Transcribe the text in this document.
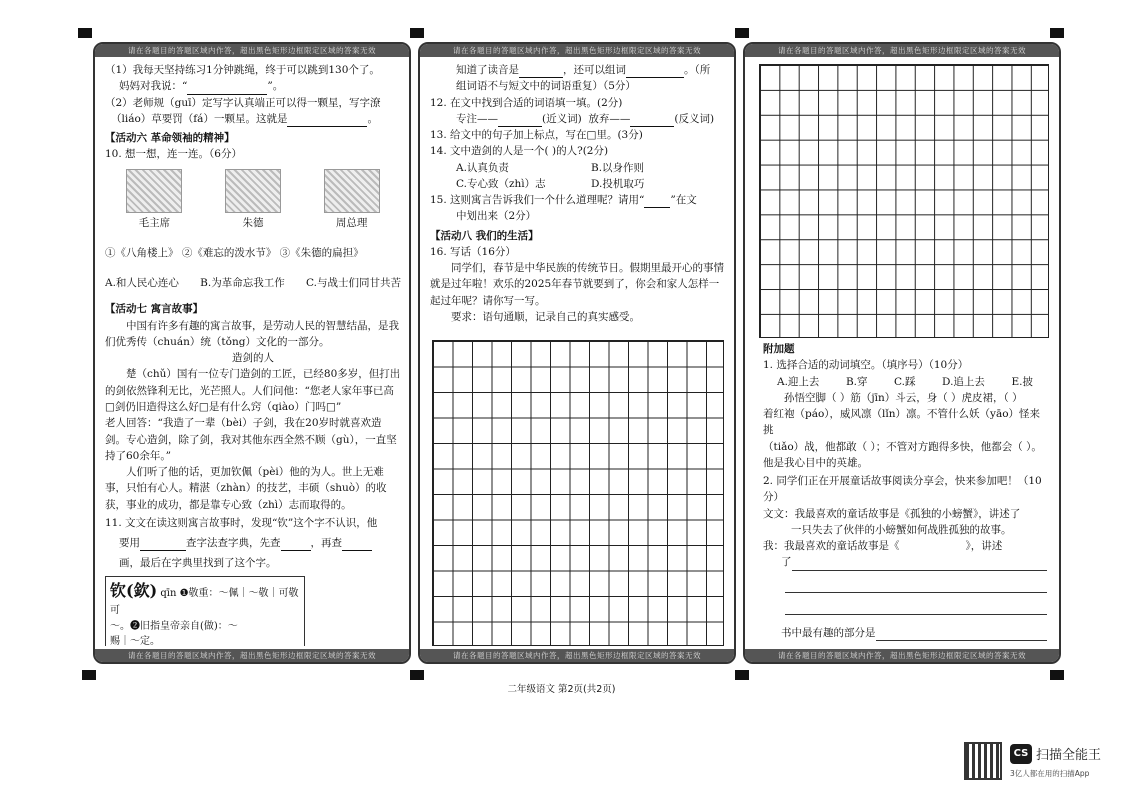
请在各题目的答题区域内作答，超出黑色矩形边框限定区域的答案无效

（1）我每天坚持练习1分钟跳绳，终于可以跳到130个了。

妈妈对我说：“	”。

（2）老师规（guī）定写字认真端正可以得一颗星，写字潦

（liáo）草要罚（fá）一颗星。这就是	。

【活动六 革命领袖的精神】

10. 想一想，连一连。（6分）

毛主席	朱德	周总理

①《八角楼上》 ②《难忘的泼水节》 ③《朱德的扁担》

A.和人民心连心 B.为革命忘我工作 C.与战士们同甘共苦

【活动七 寓言故事】

中国有许多有趣的寓言故事，是劳动人民的智慧结晶，是我们优秀传（chuán）统（tǒng）文化的一部分。

造剑的人

楚（chǔ）国有一位专门造剑的工匠，已经80多岁，但打出的剑依然锋利无比，光芒照人。人们问他：“您老人家年事已高□剑仍旧造得这么好□是有什么窍（qiào）门吗□”

老人回答：“我造了一辈（bèi）子剑，我在20岁时就喜欢造剑。专心造剑，除了剑，我对其他东西全然不顾（gù），一直坚持了60余年。”

人们听了他的话，更加钦佩（pèi）他的为人。世上无难事，只怕有心人。精湛（zhàn）的技艺，丰硕（shuò）的收获，事业的成功，都是靠专心致（zhì）志而取得的。

11. 文文在读这则寓言故事时，发现“钦”这个字不认识，他

要用	查字法查字典，先查	，再查

画，最后在字典里找到了这个字。

钦(欽) qīn ❶敬重：～佩｜～敬｜可敬可
～。❷旧指皇帝亲自(做)：～
赐｜～定。
请在各题目的答题区域内作答，超出黑色矩形边框限定区域的答案无效
请在各题目的答题区域内作答，超出黑色矩形边框限定区域的答案无效

知道了读音是	，还可以组词	。（所

组词语不与短文中的词语重复）（5分）

12. 在文中找到合适的词语填一填。(2分)

专注——	(近义词) 放弃——	(反义词)

13. 给文中的句子加上标点，写在□里。(3分)

14. 文中造剑的人是一个( )的人?(2分)

A.认真负责	B.以身作则
C.专心致（zhì）志	D.投机取巧

15. 这则寓言告诉我们一个什么道理呢？请用“ ”在文

中划出来（2分）

【活动八 我们的生活】

16. 写话（16分）

同学们，春节是中华民族的传统节日。假期里最开心的事情就是过年啦！欢乐的2025年春节就要到了，你会和家人怎样一起过年呢？请你写一写。

要求：语句通顺，记录自己的真实感受。

请在各题目的答题区域内作答，超出黑色矩形边框限定区域的答案无效
请在各题目的答题区域内作答，超出黑色矩形边框限定区域的答案无效

附加题

1. 选择合适的动词填空。（填序号）（10分）

A.迎上去	B.穿	C.踩	D.追上去	E.披

孙悟空脚（ ）筋（jīn）斗云，身（ ）虎皮裙，（ ）

着红袍（páo），威风凛（lǐn）凛。不管什么妖（yāo）怪来挑

（tiǎo）战，他都敢（ ）；不管对方跑得多快，他都会（ ）。

他是我心目中的英雄。

2. 同学们正在开展童话故事阅读分享会，快来参加吧！（10分）

文文：我最喜欢的童话故事是《孤独的小螃蟹》，讲述了

一只失去了伙伴的小螃蟹如何战胜孤独的故事。

我：我最喜欢的童话故事是《	》，讲述

了
书中最有趣的部分是
请在各题目的答题区域内作答，超出黑色矩形边框限定区域的答案无效
二年级语文 第2页(共2页)
CS 扫描全能王
3亿人都在用的扫描App
